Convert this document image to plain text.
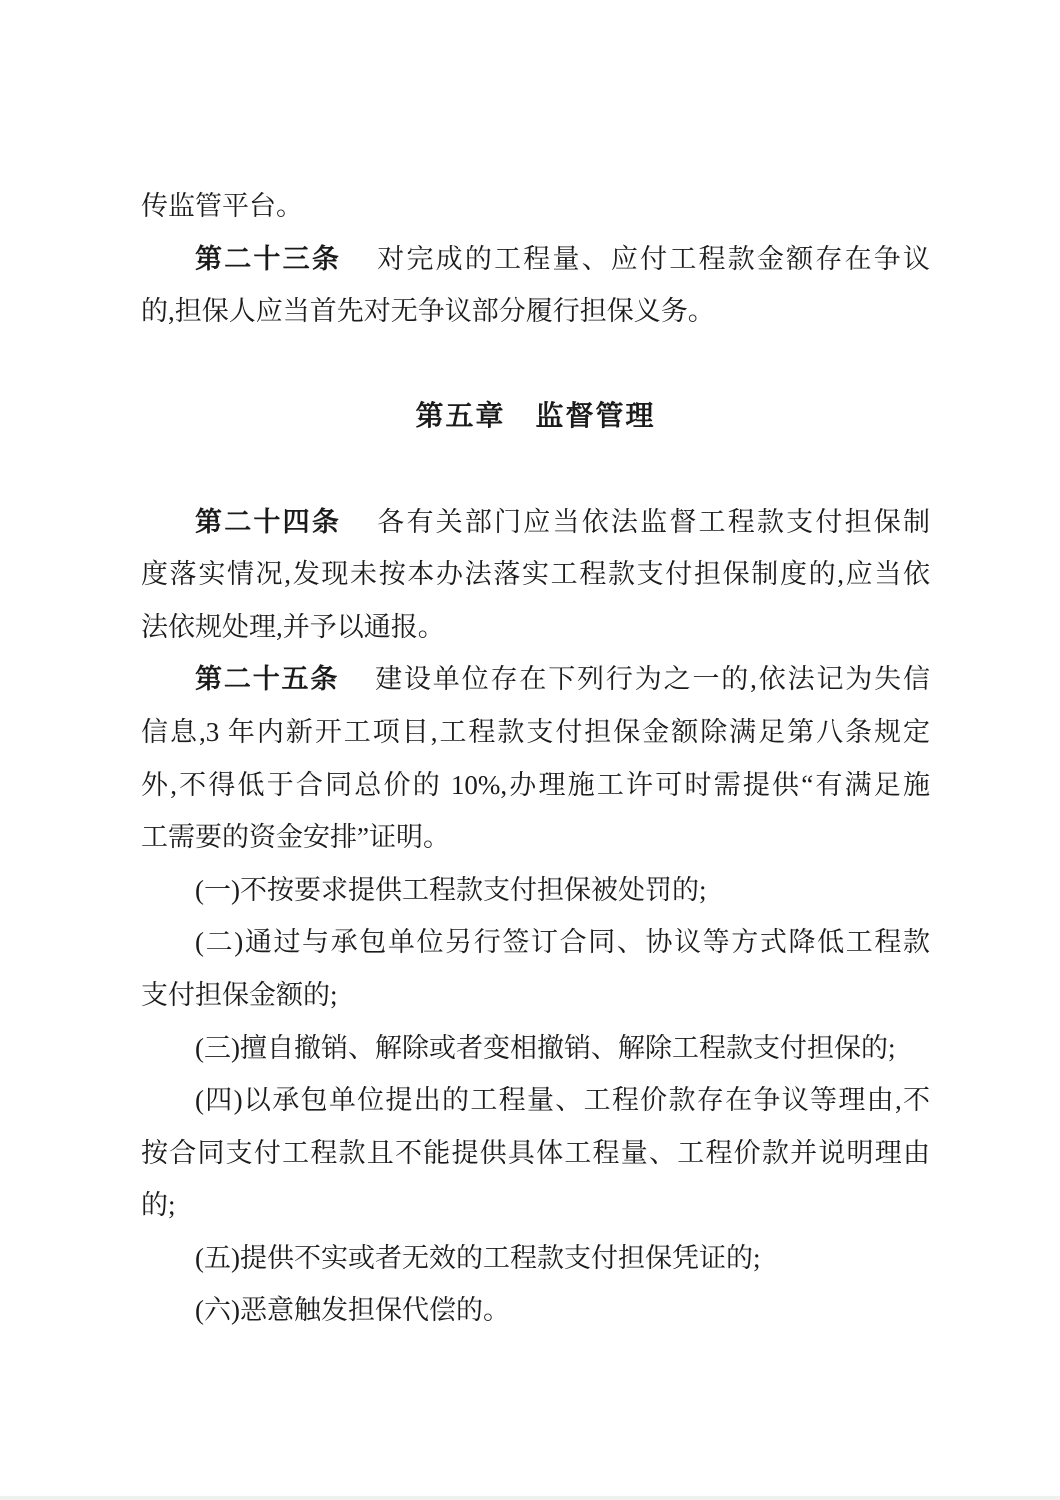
传监管平台。
第二十三条 对完成的工程量、应付工程款金额存在争议
的,担保人应当首先对无争议部分履行担保义务。
第五章　监督管理
第二十四条 各有关部门应当依法监督工程款支付担保制
度落实情况,发现未按本办法落实工程款支付担保制度的,应当依
法依规处理,并予以通报。
第二十五条 建设单位存在下列行为之一的,依法记为失信
信息,3 年内新开工项目,工程款支付担保金额除满足第八条规定
外,不得低于合同总价的 10%,办理施工许可时需提供“有满足施
工需要的资金安排”证明。
(一)不按要求提供工程款支付担保被处罚的;
(二)通过与承包单位另行签订合同、协议等方式降低工程款
支付担保金额的;
(三)擅自撤销、解除或者变相撤销、解除工程款支付担保的;
(四)以承包单位提出的工程量、工程价款存在争议等理由,不
按合同支付工程款且不能提供具体工程量、工程价款并说明理由
的;
(五)提供不实或者无效的工程款支付担保凭证的;
(六)恶意触发担保代偿的。
